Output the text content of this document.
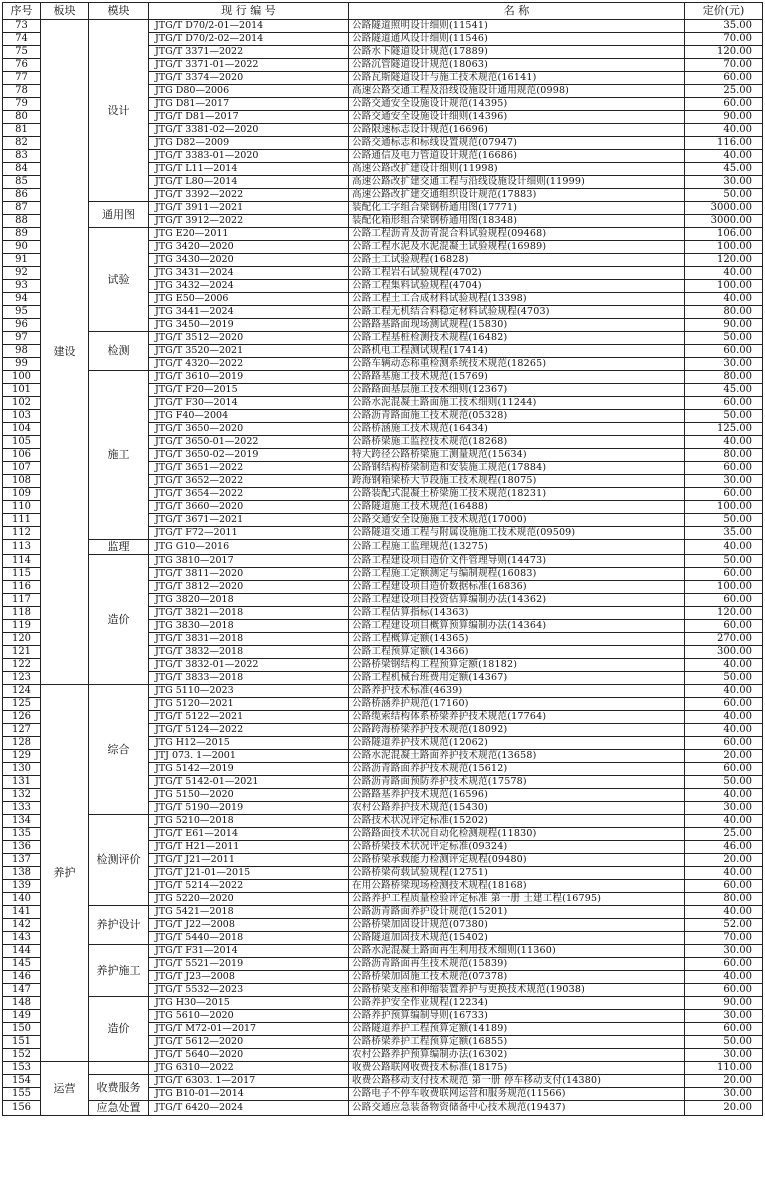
序号	板块	模块	现 行 编 号	名 称	定价(元)
73	建设	设计	JTG/T D70/2-01—2014	公路隧道照明设计细则(11541)	35.00
74			JTG/T D70/2-02—2014	公路隧道通风设计细则(11546)	70.00
75			JTG/T 3371—2022	公路水下隧道设计规范(17889)	120.00
76			JTG/T 3371-01—2022	公路沉管隧道设计规范(18063)	70.00
77			JTG/T 3374—2020	公路瓦斯隧道设计与施工技术规范(16141)	60.00
78			JTG D80—2006	高速公路交通工程及沿线设施设计通用规范(0998)	25.00
79			JTG D81—2017	公路交通安全设施设计规范(14395)	60.00
80			JTG/T D81—2017	公路交通安全设施设计细则(14396)	90.00
81			JTG/T 3381-02—2020	公路限速标志设计规范(16696)	40.00
82			JTG D82—2009	公路交通标志和标线设置规范(07947)	116.00
83			JTG/T 3383-01—2020	公路通信及电力管道设计规范(16686)	40.00
84			JTG/T L11—2014	高速公路改扩建设计细则(11998)	45.00
85			JTG/T L80—2014	高速公路改扩建交通工程与沿线设施设计细则(11999)	30.00
86			JTG/T 3392—2022	高速公路改扩建交通组织设计规范(17883)	50.00
87		通用图	JTG/T 3911—2021	装配化工字组合梁钢桥通用图(17771)	3000.00
88			JTG/T 3912—2022	装配化箱形组合梁钢桥通用图(18348)	3000.00
89		试验	JTG E20—2011	公路工程沥青及沥青混合料试验规程(09468)	106.00
90			JTG 3420—2020	公路工程水泥及水泥混凝土试验规程(16989)	100.00
91			JTG 3430—2020	公路土工试验规程(16828)	120.00
92			JTG 3431—2024	公路工程岩石试验规程(4702)	40.00
93			JTG 3432—2024	公路工程集料试验规程(4704)	100.00
94			JTG E50—2006	公路工程土工合成材料试验规程(13398)	40.00
95			JTG 3441—2024	公路工程无机结合料稳定材料试验规程(4703)	80.00
96			JTG 3450—2019	公路路基路面现场测试规程(15830)	90.00
97		检测	JTG/T 3512—2020	公路工程基桩检测技术规程(16482)	50.00
98			JTG/T 3520—2021	公路机电工程测试规程(17414)	60.00
99			JTG/T 4320—2022	公路车辆动态称重检测系统技术规范(18265)	30.00
100		施工	JTG/T 3610—2019	公路路基施工技术规范(15769)	80.00
101			JTG/T F20—2015	公路路面基层施工技术细则(12367)	45.00
102			JTG/T F30—2014	公路水泥混凝土路面施工技术细则(11244)	60.00
103			JTG F40—2004	公路沥青路面施工技术规范(05328)	50.00
104			JTG/T 3650—2020	公路桥涵施工技术规范(16434)	125.00
105			JTG/T 3650-01—2022	公路桥梁施工监控技术规范(18268)	40.00
106			JTG/T 3650-02—2019	特大跨径公路桥梁施工测量规范(15634)	80.00
107			JTG/T 3651—2022	公路钢结构桥梁制造和安装施工规范(17884)	60.00
108			JTG/T 3652—2022	跨海钢箱梁桥大节段施工技术规程(18075)	30.00
109			JTG/T 3654—2022	公路装配式混凝土桥梁施工技术规范(18231)	60.00
110			JTG/T 3660—2020	公路隧道施工技术规范(16488)	100.00
111			JTG/T 3671—2021	公路交通安全设施施工技术规范(17000)	50.00
112			JTG/T F72—2011	公路隧道交通工程与附属设施施工技术规范(09509)	35.00
113		监理	JTG G10—2016	公路工程施工监理规范(13275)	40.00
114		造价	JTG 3810—2017	公路工程建设项目造价文件管理导则(14473)	50.00
115			JTG/T 3811—2020	公路工程施工定额测定与编制规程(16083)	60.00
116			JTG/T 3812—2020	公路工程建设项目造价数据标准(16836)	100.00
117			JTG 3820—2018	公路工程建设项目投资估算编制办法(14362)	60.00
118			JTG/T 3821—2018	公路工程估算指标(14363)	120.00
119			JTG 3830—2018	公路工程建设项目概算预算编制办法(14364)	60.00
120			JTG/T 3831—2018	公路工程概算定额(14365)	270.00
121			JTG/T 3832—2018	公路工程预算定额(14366)	300.00
122			JTG/T 3832-01—2022	公路桥梁钢结构工程预算定额(18182)	40.00
123			JTG/T 3833—2018	公路工程机械台班费用定额(14367)	50.00
124	养护	综合	JTG 5110—2023	公路养护技术标准(4639)	40.00
125			JTG 5120—2021	公路桥涵养护规范(17160)	60.00
126			JTG/T 5122—2021	公路缆索结构体系桥梁养护技术规范(17764)	40.00
127			JTG/T 5124—2022	公路跨海桥梁养护技术规范(18092)	40.00
128			JTG H12—2015	公路隧道养护技术规范(12062)	60.00
129			JTJ 073. 1—2001	公路水泥混凝土路面养护技术规范(13658)	20.00
130			JTG 5142—2019	公路沥青路面养护技术规范(15612)	60.00
131			JTG/T 5142-01—2021	公路沥青路面预防养护技术规范(17578)	50.00
132			JTG 5150—2020	公路路基养护技术规范(16596)	40.00
133			JTG/T 5190—2019	农村公路养护技术规范(15430)	30.00
134		检测评价	JTG 5210—2018	公路技术状况评定标准(15202)	40.00
135			JTG/T E61—2014	公路路面技术状况自动化检测规程(11830)	25.00
136			JTG/T H21—2011	公路桥梁技术状况评定标准(09324)	46.00
137			JTG/T J21—2011	公路桥梁承载能力检测评定规程(09480)	20.00
138			JTG/T J21-01—2015	公路桥梁荷载试验规程(12751)	40.00
139			JTG/T 5214—2022	在用公路桥梁现场检测技术规程(18168)	60.00
140			JTG 5220—2020	公路养护工程质量检验评定标准 第一册 土建工程(16795)	80.00
141		养护设计	JTG 5421—2018	公路沥青路面养护设计规范(15201)	40.00
142			JTG/T J22—2008	公路桥梁加固设计规范(07380)	52.00
143			JTG/T 5440—2018	公路隧道加固技术规范(15402)	70.00
144		养护施工	JTG/T F31—2014	公路水泥混凝土路面再生利用技术细则(11360)	30.00
145			JTG/T 5521—2019	公路沥青路面再生技术规范(15839)	60.00
146			JTG/T J23—2008	公路桥梁加固施工技术规范(07378)	40.00
147			JTG/T 5532—2023	公路桥梁支座和伸缩装置养护与更换技术规范(19038)	60.00
148		造价	JTG H30—2015	公路养护安全作业规程(12234)	90.00
149			JTG 5610—2020	公路养护预算编制导则(16733)	30.00
150			JTG/T M72-01—2017	公路隧道养护工程预算定额(14189)	60.00
151			JTG/T 5612—2020	公路桥梁养护工程预算定额(16855)	50.00
152			JTG/T 5640—2020	农村公路养护预算编制办法(16302)	30.00
153	运营		JTG 6310—2022	收费公路联网收费技术标准(18175)	110.00
154		收费服务	JTG/T 6303. 1—2017	收费公路移动支付技术规范 第一册 停车移动支付(14380)	20.00
155			JTG B10-01—2014	公路电子不停车收费联网运营和服务规范(11566)	30.00
156		应急处置	JTG/T 6420—2024	公路交通应急装备物资储备中心技术规范(19437)	20.00
